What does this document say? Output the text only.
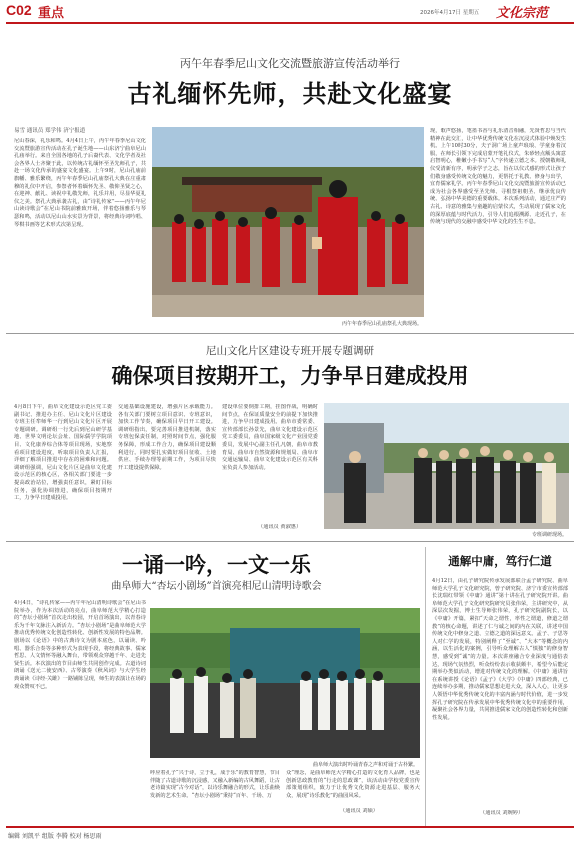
C02 重点	2026年4月17日 星期五 文化宗范
丙午年春季尼山文化交流暨旅游宣传活动举行
古礼缅怀先师，共赴文化盛宴
易雪 通讯员 郑学伟 济宁报道
尼山春深，礼乐和鸣。4月4日上午，丙午年春季尼山文化交流暨旅游宣传活动在孔子诞生地——山东济宁曲阜尼山孔庙举行。来自全国各地的孔子后裔代表、文化学者及社会各界人士齐聚于此，以传统古礼缅怀至圣先师孔子，共赴一场文化传承的盛宴文化盛宴。上午9时，尼山孔庙前旗幡、雅乐繁绕，丙午年春季尼山孔庙祭孔大典在庄重肃穆的礼仪中开启，参祭者怀着缅怀先圣、敬仰圣贤之心，在迎神、献礼、读祝中礼敬先师，礼乐并用，尽显华夏礼仪之美。祭孔大典承袭古礼，由“诗礼传家”——丙午年尼山读诗歌会“在尼山书院前雅致开场，伴着悠扬雅乐与琴瑟和鸣，活动以尼山山水实景为背景，将经典诗词吟唱、琴棋书画等艺术形式次第呈现。
丙午年春季尼山孔庙祭孔大典现场。
现，歌声悠扬，笔墨书香与礼乐清音相融，先贤哲思与当代精神在此交汇，让中华优秀传统文化在沉浸式体验中焕发生机。上午10时30分，夫子洞广场上童声琅琅、学童身着汉服，在师长引领下完成启蒙开笔礼仪式，朱砂轻点额头寓意启智明心，稚嫩小手书写“人”字传递立德之本。授朝敬师礼仪受清新有序，明承学子之志，旨在以仪式感的形式让孩子们敬身感受传统文化的魅力，更帮托于礼教、修身与出学，宜育儒家礼学。丙午年春季尼山文化交流暨旅游宣传活动已成为社会各界感受至圣先师、寻根祭祖朝圣、继承优良传统、弘扬中华美德的重要载体。本次系列活动，通过庄严的古礼、诗意的雅集与童趣的启蒙仪式，生动展现了儒家文化的深厚底蕴与时代活力，引导人们追根溯源、走近孔子，在传统与现代的交融中感受中华文化的生生不息。
尼山文化片区建设专班开展专题调研
确保项目按期开工，力争早日建成投用
4月8日下午，曲阜文化建设示范区党工委副书记、推进办主任、尼山文化片区建设专班主任牟师华一行到尼山文化片区开展专题调研。调研组一行先后到尼山研学基地、世界文明论坛会址、国际儒学学院项目、文化康养综合体等项目现场，实地察看项目建设进度，听取项目负责人汇报，详细了解项目推进中存在的困难和问题。调研组强调，尼山文化片区是曲阜文化建设示范区的核心区，各相关部门要进一步提高政治站位，增强责任意识，紧盯目标任务，强化协调推进，确保项目按期开工，力争早日建成投用。
交通基础设施建设，增强片区承载能力。各有关部门要树立项目意识、专班意识，加快工作节奏，确保项目早日开工建设。调研组指出，要完善项目推进机制，落实专班包保责任制，对照时间节点，强化服务保障，形成工作合力，确保项目建设顺利进行。同时要扎实做好项目征收、土地供应、手续办理等前期工作，为项目尽快开工建设提供保障。
建设单位要倒排工期，挂图作战，明确时间节点，在保证质量安全的前提下加快推进，力争早日建成投用。曲阜市委常委、宣传部部长孙景先，曲阜文化建设示范区党工委委员，曲阜国家级文化产业园党委委员，发展中心副主任孔凡朝，曲阜市教育局、曲阜市自然资源和规划局、曲阜市交通运输局、曲阜文化建设示范区有关科室负责人参加活动。
（通讯员 黄淑惠）
专班调研现场。
一诵一吟，一文一乐
曲阜师大“杏坛小剧场”首演亮相尼山清明诗歌会
4月4日，“诗礼传家——丙午年尼山清明诗歌会”在尼山书院举办，作为本次活动的亮点，曲阜师范大学精心打造的“杏坛小剧场”首次走出校园，开启首场演出，以青春诗乐为千年文脉注入新活力。“杏坛小剧场”是曲阜师范大学推动优秀传统文化创造性转化、创新性发展的特色品牌。剧场以《论语》中的古典诗文为剧本底色，以诵读、吟唱、器乐合奏等多种形式为表现手段，将经典故事、儒家哲思、人文情怀等融入舞台，带领观众穿越千年、走进先贤生活。本次演出的节目由师生共同创作完成。古道诗词朗诵《送元二使安西》、古琴演奏《秋风词》与大学生经典诵读《诗经·关雎》一路铺陈呈现，师生的表演让在场的观众赞叹不已。
曲阜师大演出时吟诵青春之声和对诵于古朴繁。
呼应着孔子“兴于诗，立于礼，成于乐”的教育智慧，节目伴随了古道诗歌的沉浸感，又融入新编的古风舞蹈，让古老诗篇实现“古今对话”，以诗乐舞融合的形式，让乐曲焕发新的艺术生命。“杏坛小剧场”秉持“百年、千场、万
众”理念，是曲阜师范大学精心打造的文化育人品牌，也是创新思政教育的“行走的思政课”，该活动由学校党委宣传部策划组织，致力于让优秀文化资源走进基层、服务大众，展现“诗乐教化”的曲园风采。
（通讯员 刘硕）
通解中庸，笃行仁道
4月12日，由孔子研究院传承发展部联合孟子研究院、曲阜师范大学孔子文化研究院，曾子研究院、济宁市委宣传部部长沈瑞红带领《中庸》通讲“第十讲在孔子研究院开讲。曲阜师范大学孔子文化研究院研究员张伟荣，主讲研究中，从深层次发掘，博士生导师张伟荣，孔子研究院副院长，以《中庸》开篇，紧扣“天命之谓性，率性之谓道，修道之谓教”的核心命题，讲述了仁与诚之间的内在关联，讲述中国传统文化中修身之道、立德之道的深远意义。孟子、子思等人对仁学的发展，特别阐释了“至诚”、“大本”等概念的内涵，以生活化的案例，引导听众理解古人“慎独”的修身智慧，感受到“诚”的力量。本次讲座融合专业深度与通俗表达，现场气氛热烈，听众纷纷表示收获颇丰，希望今后能定期举办类似活动，增进对传统文化的理解。《中庸》通讲旨在系统讲授《论语》《孟子》《大学》《中庸》四部经典，已连续举办多期，推动儒家思想走进大众，深入人心，让更多人领悟中华优秀传统文化的丰富内涵与时代价值，进一步发挥孔子研究院在传承发展中华优秀传统文化中的重要作用，凝聚社会各界力量，共同推进儒家文化的创造性转化和创新性发展。
（通讯员 刘婉婷）
编辑 刘凯平 组版 李腾 校对 杨思雨
